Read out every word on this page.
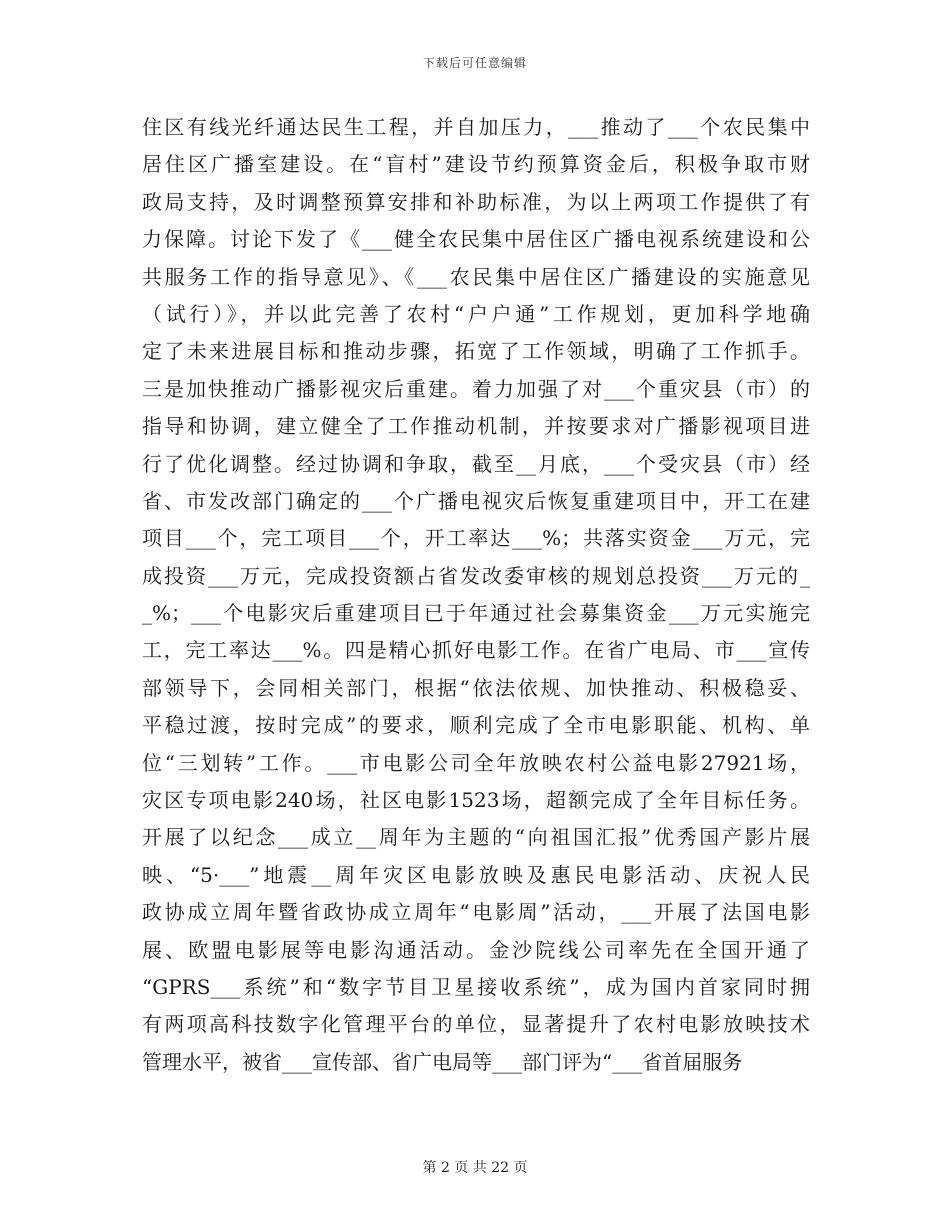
下载后可任意编辑
住区有线光纤通达民生工程，并自加压力，___推动了___个农民集中
居住区广播室建设。在“盲村”建设节约预算资金后，积极争取市财
政局支持，及时调整预算安排和补助标准，为以上两项工作提供了有
力保障。讨论下发了《___健全农民集中居住区广播电视系统建设和公
共服务工作的指导意见》、《___农民集中居住区广播建设的实施意见
（试行）》，并以此完善了农村“户户通”工作规划，更加科学地确
定了未来进展目标和推动步骤，拓宽了工作领域，明确了工作抓手。
三是加快推动广播影视灾后重建。着力加强了对___个重灾县（市）的
指导和协调，建立健全了工作推动机制，并按要求对广播影视项目进
行了优化调整。经过协调和争取，截至__月底，___个受灾县（市）经
省、市发改部门确定的___个广播电视灾后恢复重建项目中，开工在建
项目___个，完工项目___个，开工率达___%；共落实资金___万元，完
成投资___万元，完成投资额占省发改委审核的规划总投资___万元的_
_%；___个电影灾后重建项目已于年通过社会募集资金___万元实施完
工，完工率达___%。四是精心抓好电影工作。在省广电局、市___宣传
部领导下，会同相关部门，根据“依法依规、加快推动、积极稳妥、
平稳过渡，按时完成”的要求，顺利完成了全市电影职能、机构、单
位“三划转”工作。___市电影公司全年放映农村公益电影27921场，
灾区专项电影240场，社区电影1523场，超额完成了全年目标任务。
开展了以纪念___成立__周年为主题的“向祖国汇报”优秀国产影片展
映、“5·___”地震__周年灾区电影放映及惠民电影活动、庆祝人民
政协成立周年暨省政协成立周年“电影周”活动，___开展了法国电影
展、欧盟电影展等电影沟通活动。金沙院线公司率先在全国开通了
“GPRS___系统”和“数字节目卫星接收系统”，成为国内首家同时拥
有两项高科技数字化管理平台的单位，显著提升了农村电影放映技术
管理水平，被省___宣传部、省广电局等___部门评为“___省首届服务
第 2 页 共 22 页
